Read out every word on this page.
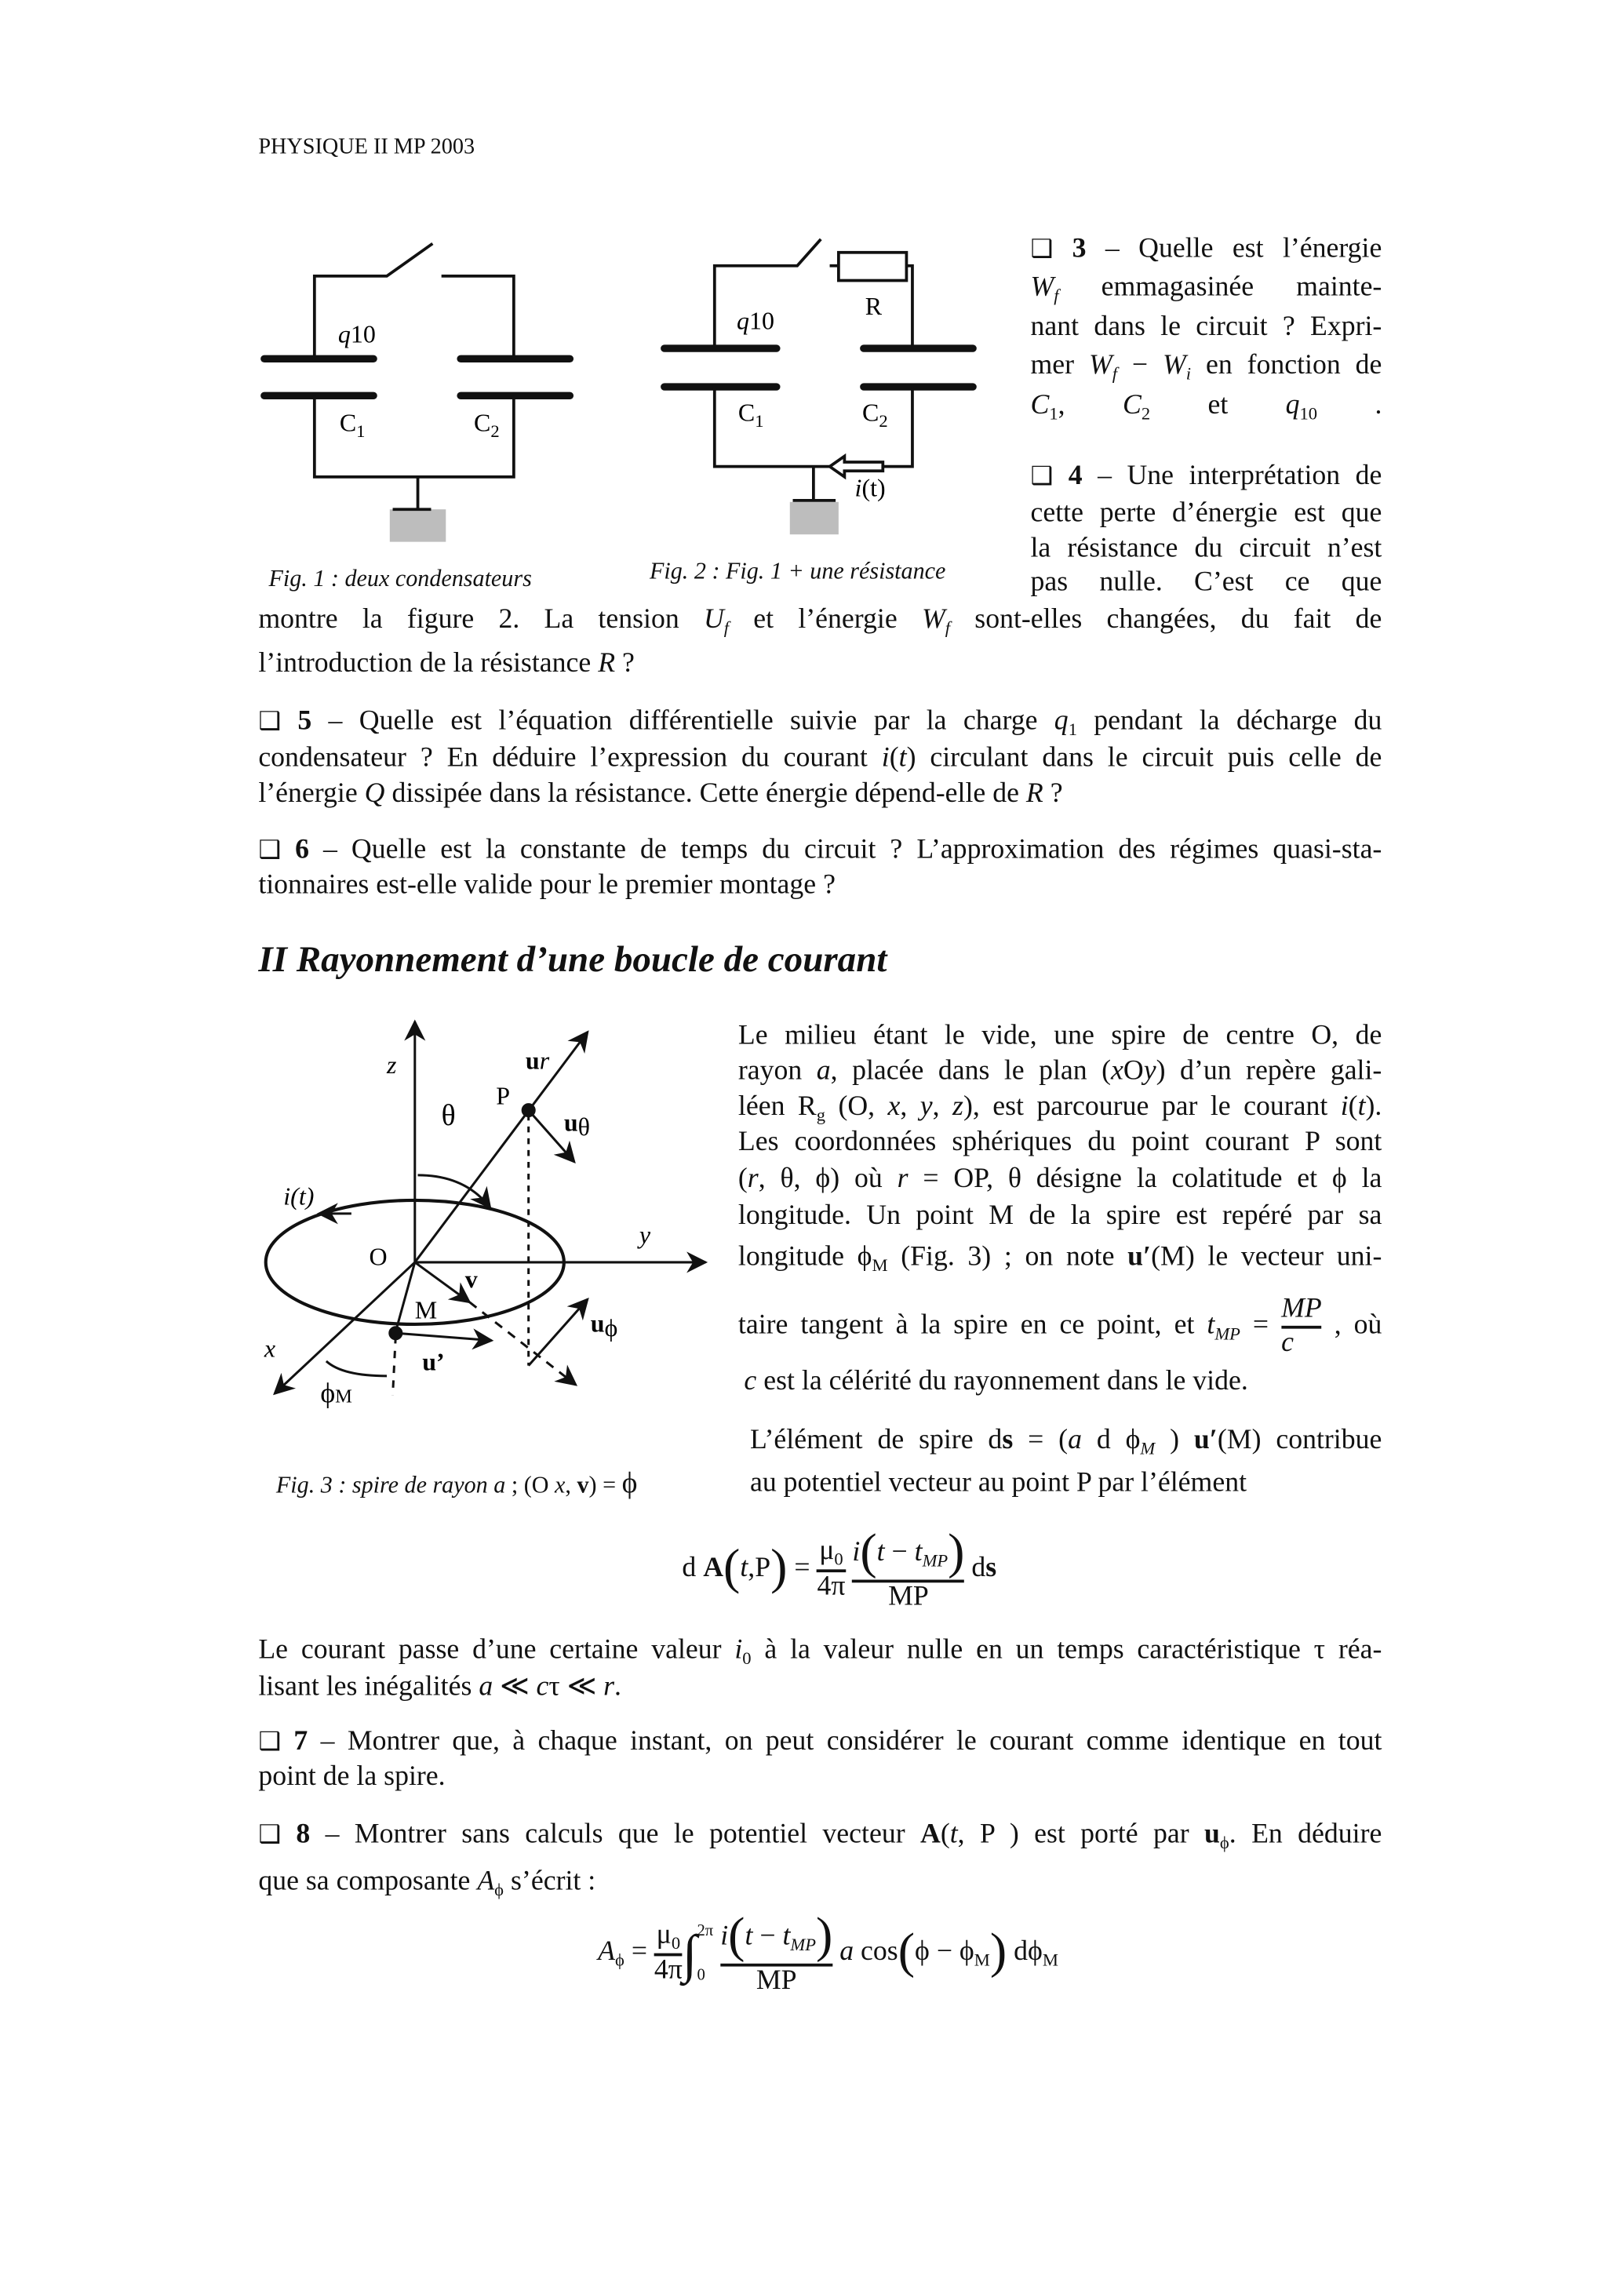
PHYSIQUE II MP 2003
q10
$C_1$	$C_2$
R
q10
$C_1$	$C_2$
i(t)
z
y
x
O
P
M
θ
ur
uθ
uϕ
v
u’
ϕM
i(t)
Fig. 1 : deux condensateurs	Fig. 2 : Fig. 1 + une résistance
Fig. 3 : spire de rayon a ; (O x, v) = ϕ
❑ 3 – Quelle est l’énergie
$W_f$ emmagasinée mainte-
nant dans le circuit ? Expri-
mer $W_f - W_i$ en fonction de
$C_1$, $C_2$ et $q_{10}$ .
❑ 4 – Une interprétation de
cette perte d’énergie est que
la résistance du circuit n’est
pas nulle. C’est ce que
montre la figure 2. La tension $U_f$ et l’énergie $W_f$ sont-elles changées, du fait de
l’introduction de la résistance R ?
❑ 5 – Quelle est l’équation différentielle suivie par la charge $q_1$ pendant la décharge du
condensateur ? En déduire l’expression du courant i(t) circulant dans le circuit puis celle de
l’énergie Q dissipée dans la résistance. Cette énergie dépend-elle de R ?
❑ 6 – Quelle est la constante de temps du circuit ? L’approximation des régimes quasi-sta-
tionnaires est-elle valide pour le premier montage ?
II Rayonnement d’une boucle de courant
Le milieu étant le vide, une spire de centre O, de
rayon a, placée dans le plan (xOy) d’un repère gali-
léen $R_g$ (O, x, y, z), est parcourue par le courant i(t).
Les coordonnées sphériques du point courant P sont
(r, θ, ϕ) où r = OP, θ désigne la colatitude et ϕ la
longitude. Un point M de la spire est repéré par sa
longitude $\phi_M$ (Fig. 3) ; on note u′(M) le vecteur uni-
taire tangent à la spire en ce point, et $t_{MP} = \frac{MP}{c}$ , où
c est la célérité du rayonnement dans le vide.
L’élément de spire ds = (a d $\phi_M$ ) u′(M) contribue
au potentiel vecteur au point P par l’élément
d $A(t,P) = \frac{\mu_0}{4\pi}$
$\frac{i(t - t_{MP})}{MP}$ ds
Le courant passe d’une certaine valeur $i_0$ à la valeur nulle en un temps caractéristique τ réa-
lisant les inégalités a ≪ cτ ≪ r.
❑ 7 – Montrer que, à chaque instant, on peut considérer le courant comme identique en tout
point de la spire.
❑ 8 – Montrer sans calculs que le potentiel vecteur A(t, P ) est porté par $u_\phi$. En déduire
que sa composante $A_\phi$ s’écrit :
$A_\phi = \frac{\mu_0}{4\pi}$ ∫ 2π
0
	$\frac{i(t - t_{MP})}{MP}$ a $\cos(\phi - \phi_M)$ $d\phi_M$
